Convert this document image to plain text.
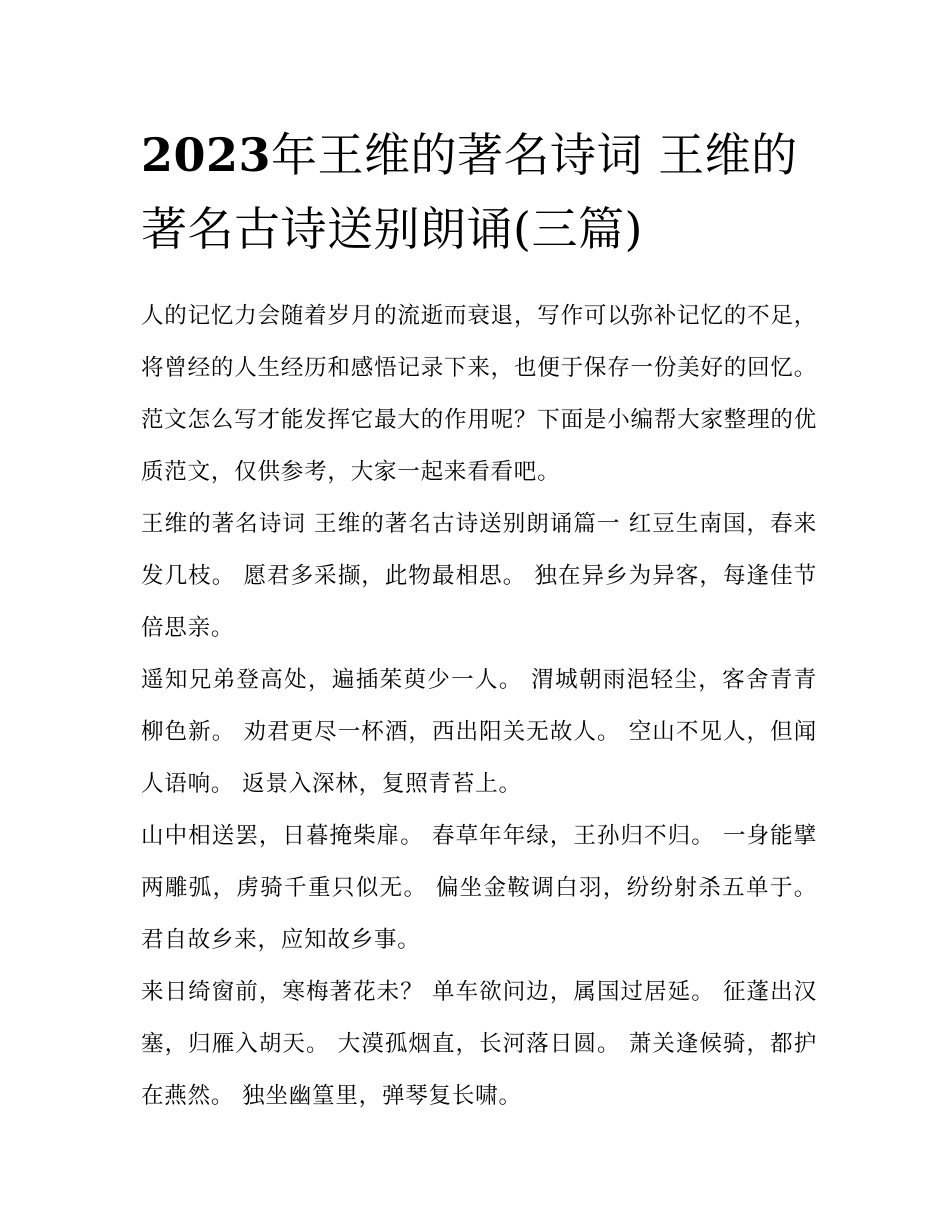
2023年王维的著名诗词 王维的著名古诗送别朗诵(三篇)

人的记忆力会随着岁月的流逝而衰退，写作可以弥补记忆的不足，将曾经的人生经历和感悟记录下来，也便于保存一份美好的回忆。范文怎么写才能发挥它最大的作用呢？下面是小编帮大家整理的优质范文，仅供参考，大家一起来看看吧。

王维的著名诗词 王维的著名古诗送别朗诵篇一 红豆生南国，春来发几枝。 愿君多采撷，此物最相思。 独在异乡为异客，每逢佳节倍思亲。

遥知兄弟登高处，遍插茱萸少一人。 渭城朝雨浥轻尘，客舍青青柳色新。 劝君更尽一杯酒，西出阳关无故人。 空山不见人，但闻人语响。 返景入深林，复照青苔上。

山中相送罢，日暮掩柴扉。 春草年年绿，王孙归不归。 一身能擘两雕弧，虏骑千重只似无。 偏坐金鞍调白羽，纷纷射杀五单于。 君自故乡来，应知故乡事。

来日绮窗前，寒梅著花未？ 单车欲问边，属国过居延。 征蓬出汉塞，归雁入胡天。 大漠孤烟直，长河落日圆。 萧关逢候骑，都护在燕然。 独坐幽篁里，弹琴复长啸。
